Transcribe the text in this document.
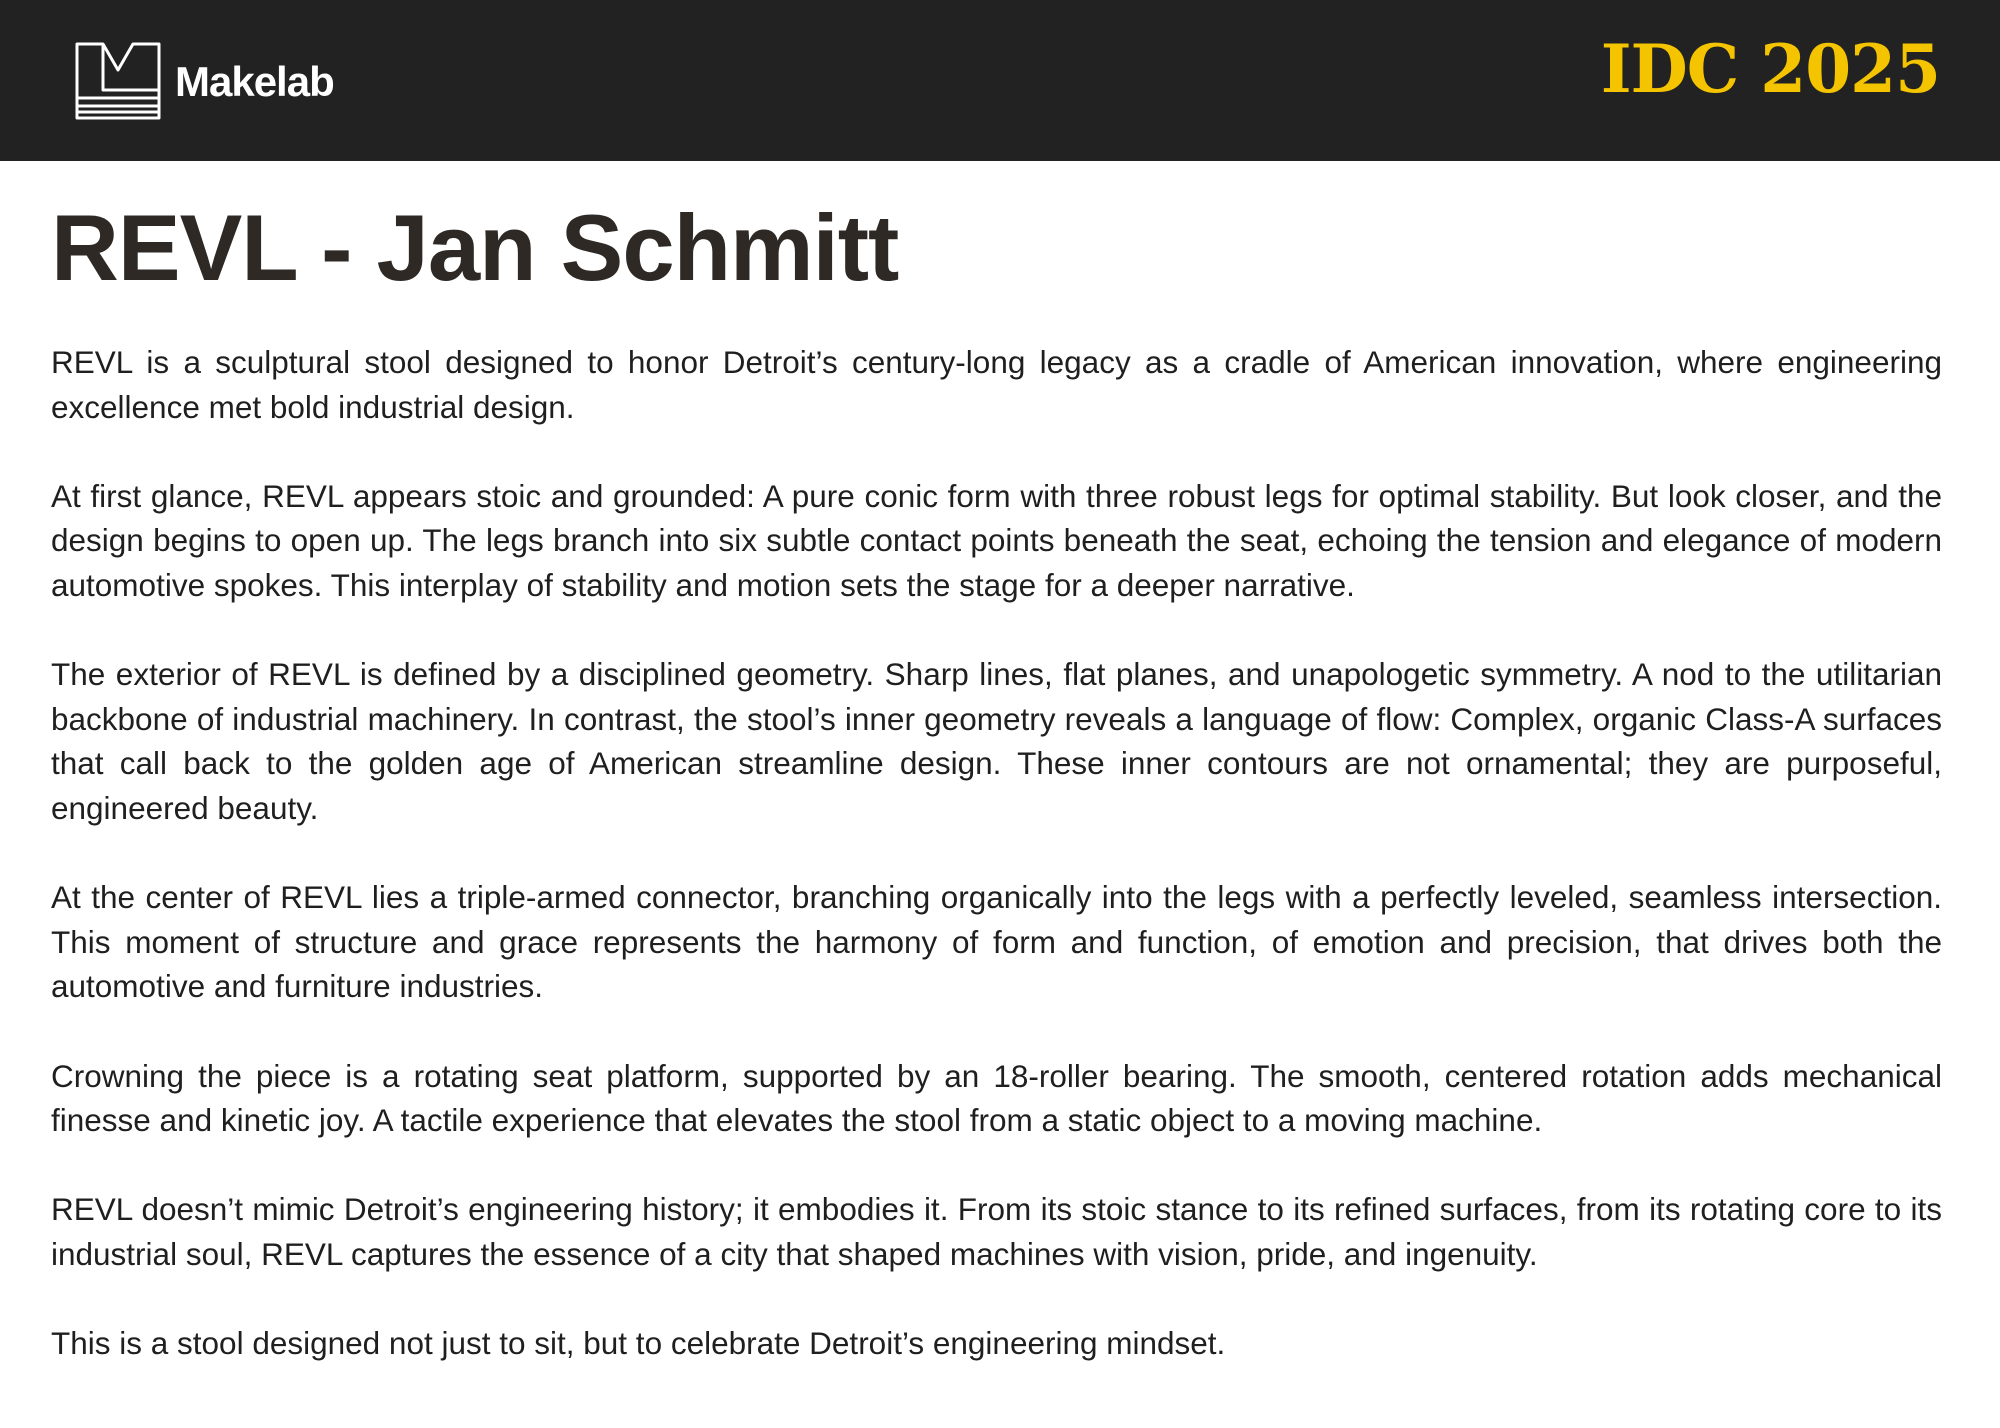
Makelab	IDC 2025
REVL - Jan Schmitt

REVL is a sculptural stool designed to honor Detroit’s century-long legacy as a cradle of American innovation, where engineering excellence met bold industrial design.

At first glance, REVL appears stoic and grounded: A pure conic form with three robust legs for optimal stability. But look closer, and the design begins to open up. The legs branch into six subtle contact points beneath the seat, echoing the tension and elegance of modern automotive spokes. This interplay of stability and motion sets the stage for a deeper narrative.

The exterior of REVL is defined by a disciplined geometry. Sharp lines, flat planes, and unapologetic symmetry. A nod to the utilitarian backbone of industrial machinery. In contrast, the stool’s inner geometry reveals a language of flow: Complex, organic Class-A surfaces that call back to the golden age of American streamline design. These inner contours are not ornamental; they are purposeful, engineered beauty.

At the center of REVL lies a triple-armed connector, branching organically into the legs with a perfectly leveled, seamless intersection. This moment of structure and grace represents the harmony of form and function, of emotion and precision, that drives both the automotive and furniture industries.

Crowning the piece is a rotating seat platform, supported by an 18-roller bearing. The smooth, centered rotation adds mechanical finesse and kinetic joy. A tactile experience that elevates the stool from a static object to a moving machine.

REVL doesn’t mimic Detroit’s engineering history; it embodies it. From its stoic stance to its refined surfaces, from its rotating core to its industrial soul, REVL captures the essence of a city that shaped machines with vision, pride, and ingenuity.

This is a stool designed not just to sit, but to celebrate Detroit’s engineering mindset.
